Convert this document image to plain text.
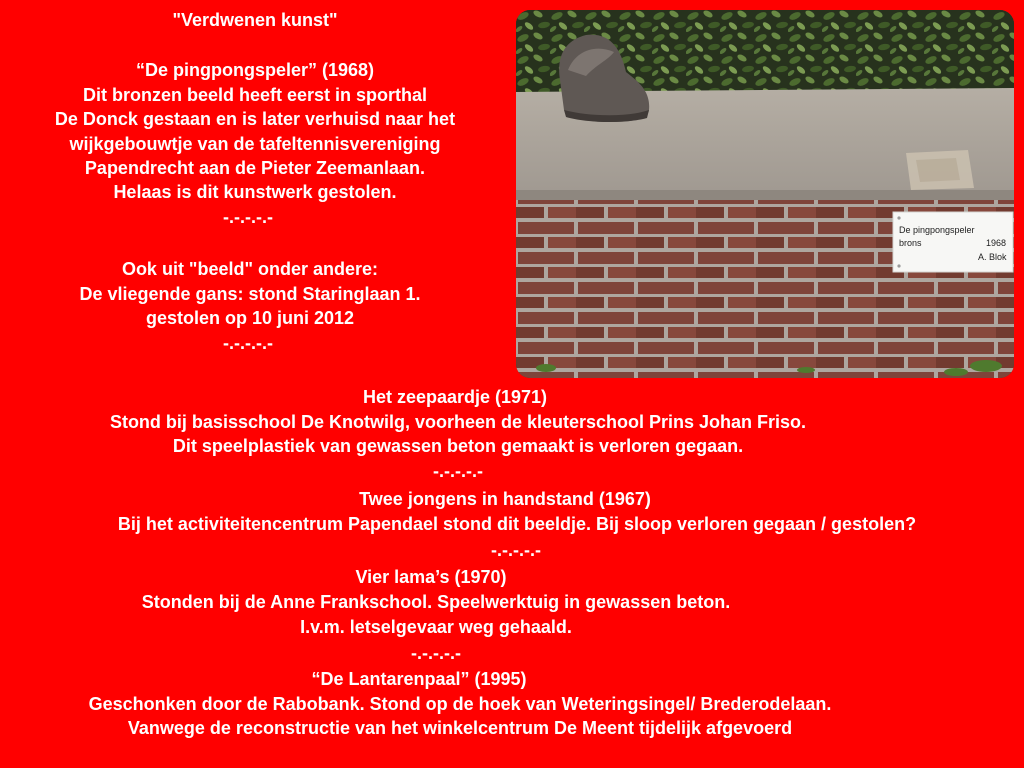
"Verdwenen kunst"
“De pingpongspeler” (1968)
Dit bronzen beeld heeft eerst in sporthal
De Donck gestaan en is later verhuisd naar het
wijkgebouwtje van de tafeltennisvereniging
Papendrecht aan de Pieter Zeemanlaan.
Helaas is dit kunstwerk gestolen.
-.-.-.-.-
Ook uit "beeld" onder andere:
De vliegende gans: stond Staringlaan 1.
gestolen op 10 juni 2012
-.-.-.-.-
De pingpongspeler
brons	1968
A. Blok
Het zeepaardje (1971)
Stond bij basisschool De Knotwilg, voorheen de kleuterschool Prins Johan Friso.
Dit speelplastiek van gewassen beton gemaakt is verloren gegaan.
-.-.-.-.-
Twee jongens in handstand (1967)
Bij het activiteitencentrum Papendael stond dit beeldje. Bij sloop verloren gegaan / gestolen?
-.-.-.-.-
Vier lama’s (1970)
Stonden bij de Anne Frankschool. Speelwerktuig in gewassen beton.
I.v.m. letselgevaar weg gehaald.
-.-.-.-.-
“De Lantarenpaal” (1995)
Geschonken door de Rabobank. Stond op de hoek van Weteringsingel/ Brederodelaan.
Vanwege de reconstructie van het winkelcentrum De Meent tijdelijk afgevoerd
